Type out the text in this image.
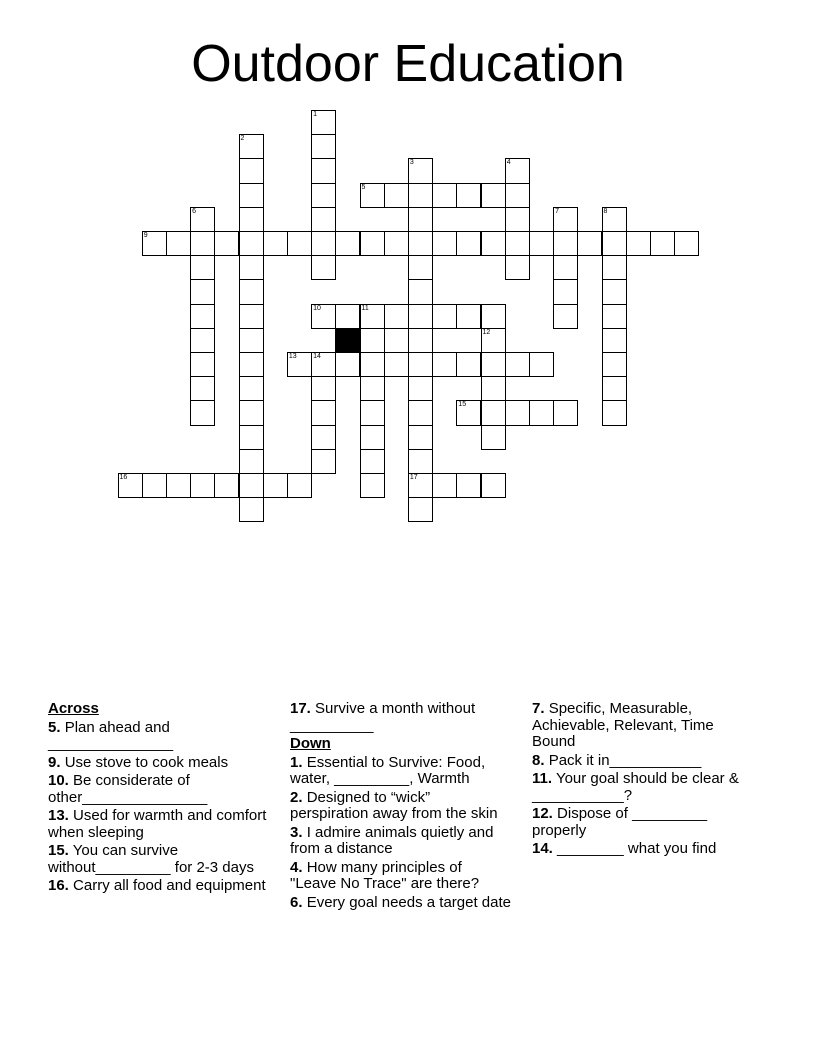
Outdoor Education
1
2
3
17
4
5
6	7	8
9
10	11
12
13 14
15
16
Across
5. Plan ahead and _______________
9. Use stove to cook meals
10. Be considerate of other_______________
13. Used for warmth and comfort when sleeping
15. You can survive without_________ for 2-3 days
16. Carry all food and equipment
17. Survive a month without __________
Down
1. Essential to Survive: Food, water, _________, Warmth
2. Designed to “wick” perspiration away from the skin
3. I admire animals quietly and from a distance
4. How many principles of "Leave No Trace" are there?
6. Every goal needs a target date
7. Specific, Measurable, Achievable, Relevant, Time Bound
8. Pack it in___________
11. Your goal should be clear & ___________?
12. Dispose of _________ properly
14. ________ what you find
